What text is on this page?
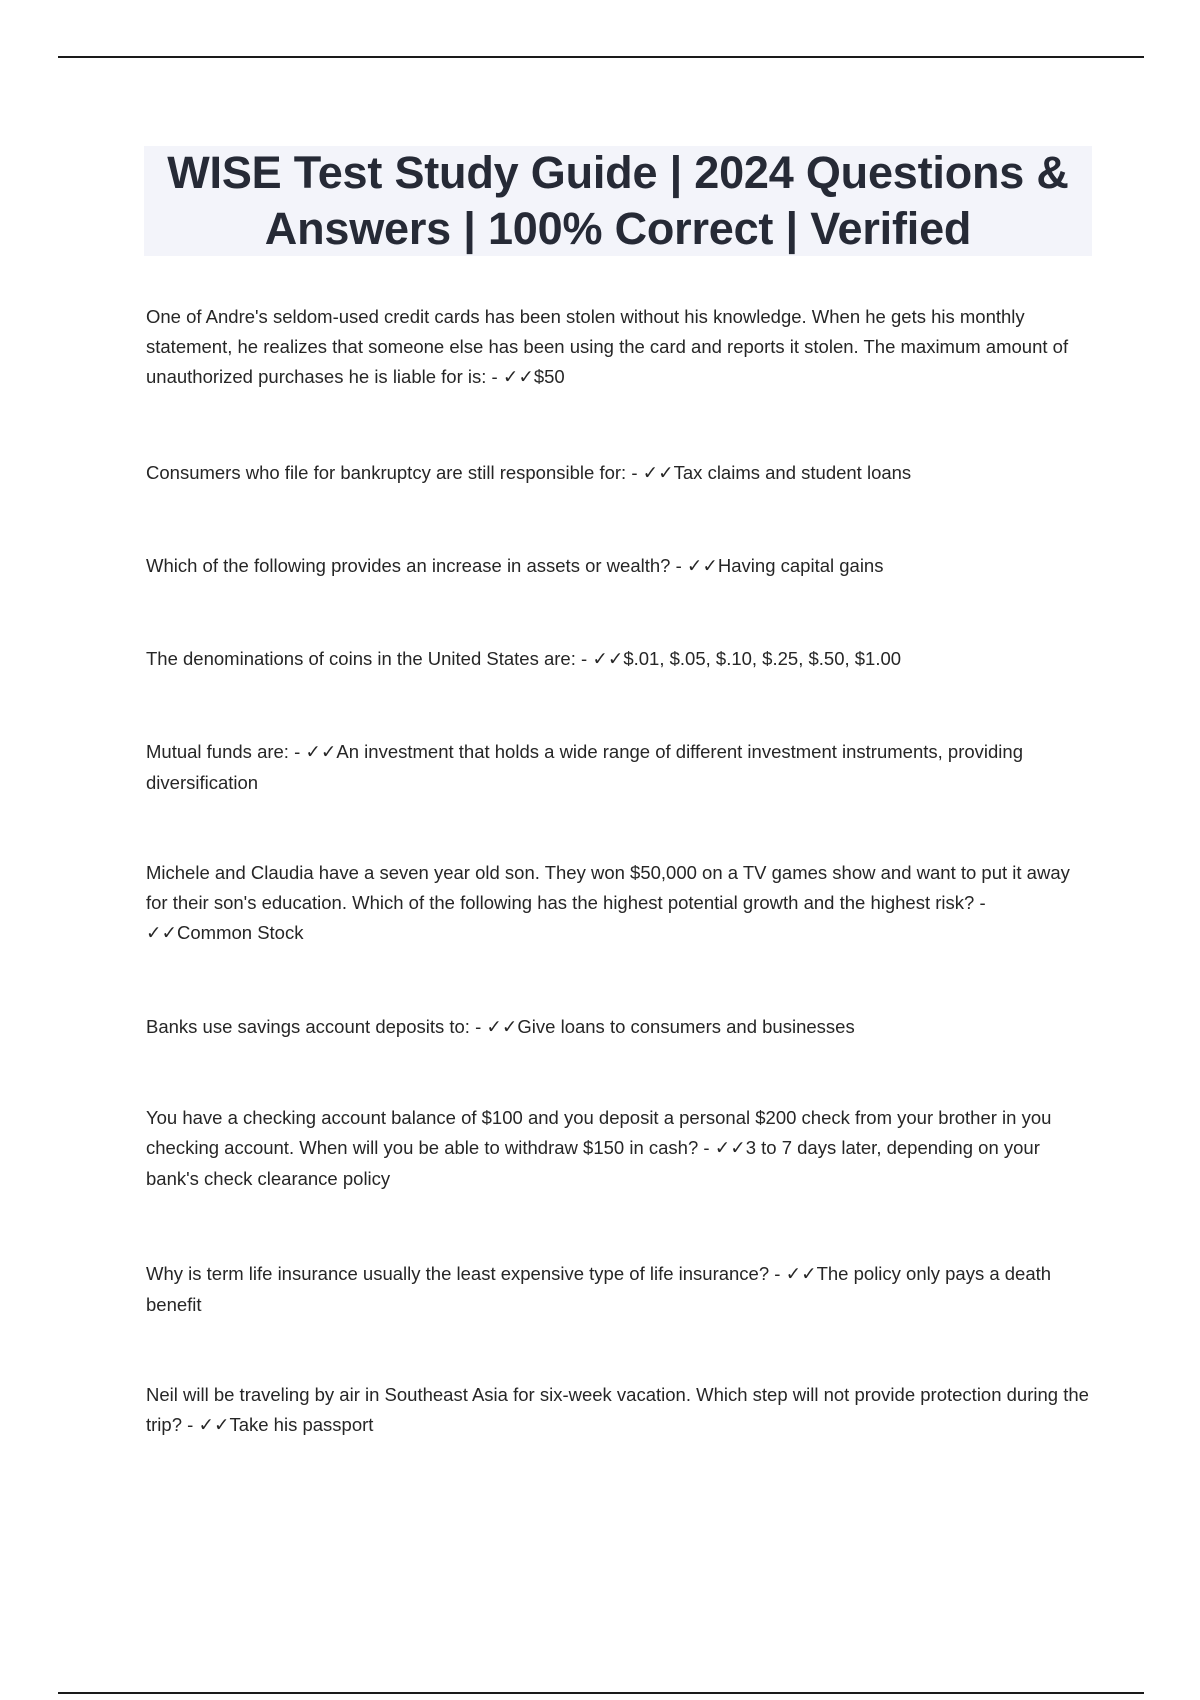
WISE Test Study Guide | 2024 Questions & Answers | 100% Correct | Verified

One of Andre's seldom-used credit cards has been stolen without his knowledge. When he gets his monthly statement, he realizes that someone else has been using the card and reports it stolen. The maximum amount of unauthorized purchases he is liable for is: - ✓✓$50

Consumers who file for bankruptcy are still responsible for: - ✓✓Tax claims and student loans

Which of the following provides an increase in assets or wealth? - ✓✓Having capital gains

The denominations of coins in the United States are: - ✓✓$.01, $.05, $.10, $.25, $.50, $1.00

Mutual funds are: - ✓✓An investment that holds a wide range of different investment instruments, providing diversification

Michele and Claudia have a seven year old son. They won $50,000 on a TV games show and want to put it away for their son's education. Which of the following has the highest potential growth and the highest risk? - ✓✓Common Stock

Banks use savings account deposits to: - ✓✓Give loans to consumers and businesses

You have a checking account balance of $100 and you deposit a personal $200 check from your brother in you checking account. When will you be able to withdraw $150 in cash? - ✓✓3 to 7 days later, depending on your bank's check clearance policy

Why is term life insurance usually the least expensive type of life insurance? - ✓✓The policy only pays a death benefit

Neil will be traveling by air in Southeast Asia for six-week vacation. Which step will not provide protection during the trip? - ✓✓Take his passport
